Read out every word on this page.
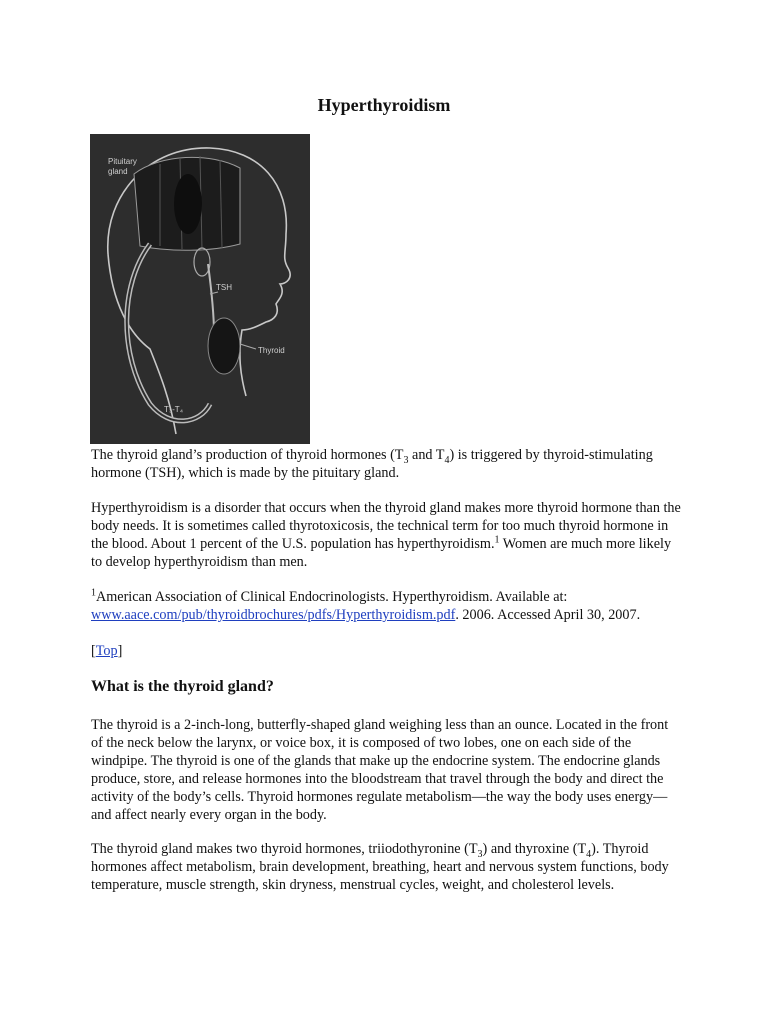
Hyperthyroidism
Pituitary
gland
TSH
Thyroid
T₃-T₄

The thyroid gland’s production of thyroid hormones ($T_3$ and $T_4$) is triggered by thyroid-stimulating hormone (TSH), which is made by the pituitary gland.

Hyperthyroidism is a disorder that occurs when the thyroid gland makes more thyroid hormone than the body needs. It is sometimes called thyrotoxicosis, the technical term for too much thyroid hormone in the blood. About 1 percent of the U.S. population has hyperthyroidism.$^1$ Women are much more likely to develop hyperthyroidism than men.

$^1$American Association of Clinical Endocrinologists. Hyperthyroidism. Available at: www.aace.com/pub/thyroidbrochures/pdfs/Hyperthyroidism.pdf. 2006. Accessed April 30, 2007.

[Top]

What is the thyroid gland?

The thyroid is a 2-inch-long, butterfly-shaped gland weighing less than an ounce. Located in the front of the neck below the larynx, or voice box, it is composed of two lobes, one on each side of the windpipe. The thyroid is one of the glands that make up the endocrine system. The endocrine glands produce, store, and release hormones into the bloodstream that travel through the body and direct the activity of the body’s cells. Thyroid hormones regulate metabolism—the way the body uses energy—and affect nearly every organ in the body.

The thyroid gland makes two thyroid hormones, triiodothyronine $(T_3)$ and thyroxine $(T_4)$. Thyroid hormones affect metabolism, brain development, breathing, heart and nervous system functions, body temperature, muscle strength, skin dryness, menstrual cycles, weight, and cholesterol levels.
